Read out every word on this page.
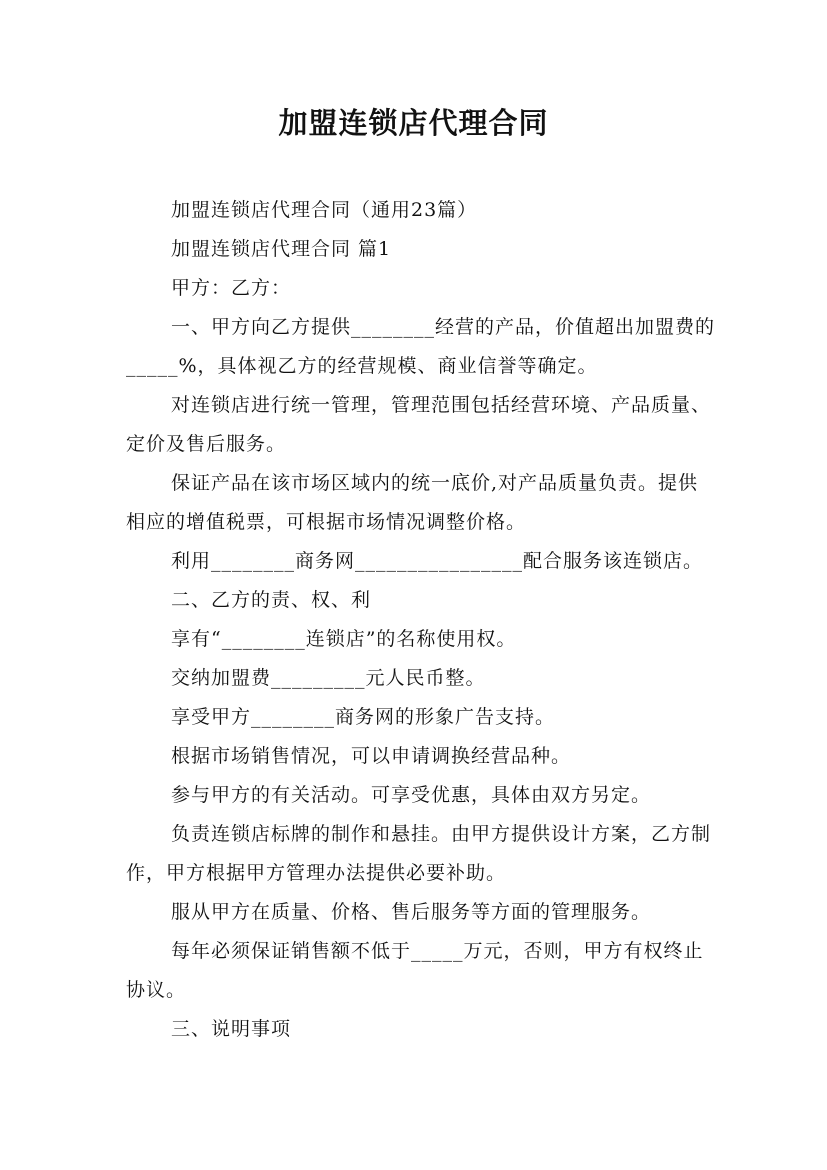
加盟连锁店代理合同

加盟连锁店代理合同（通用23篇）

加盟连锁店代理合同 篇1

甲方：乙方：

一、甲方向乙方提供________经营的产品，价值超出加盟费的_____%，具体视乙方的经营规模、商业信誉等确定。

对连锁店进行统一管理，管理范围包括经营环境、产品质量、定价及售后服务。

保证产品在该市场区域内的统一底价,对产品质量负责。提供相应的增值税票，可根据市场情况调整价格。

利用________商务网________________配合服务该连锁店。

二、乙方的责、权、利

享有“________连锁店”的名称使用权。

交纳加盟费_________元人民币整。

享受甲方________商务网的形象广告支持。

根据市场销售情况，可以申请调换经营品种。

参与甲方的有关活动。可享受优惠，具体由双方另定。

负责连锁店标牌的制作和悬挂。由甲方提供设计方案，乙方制作，甲方根据甲方管理办法提供必要补助。

服从甲方在质量、价格、售后服务等方面的管理服务。

每年必须保证销售额不低于_____万元，否则，甲方有权终止协议。

三、说明事项
